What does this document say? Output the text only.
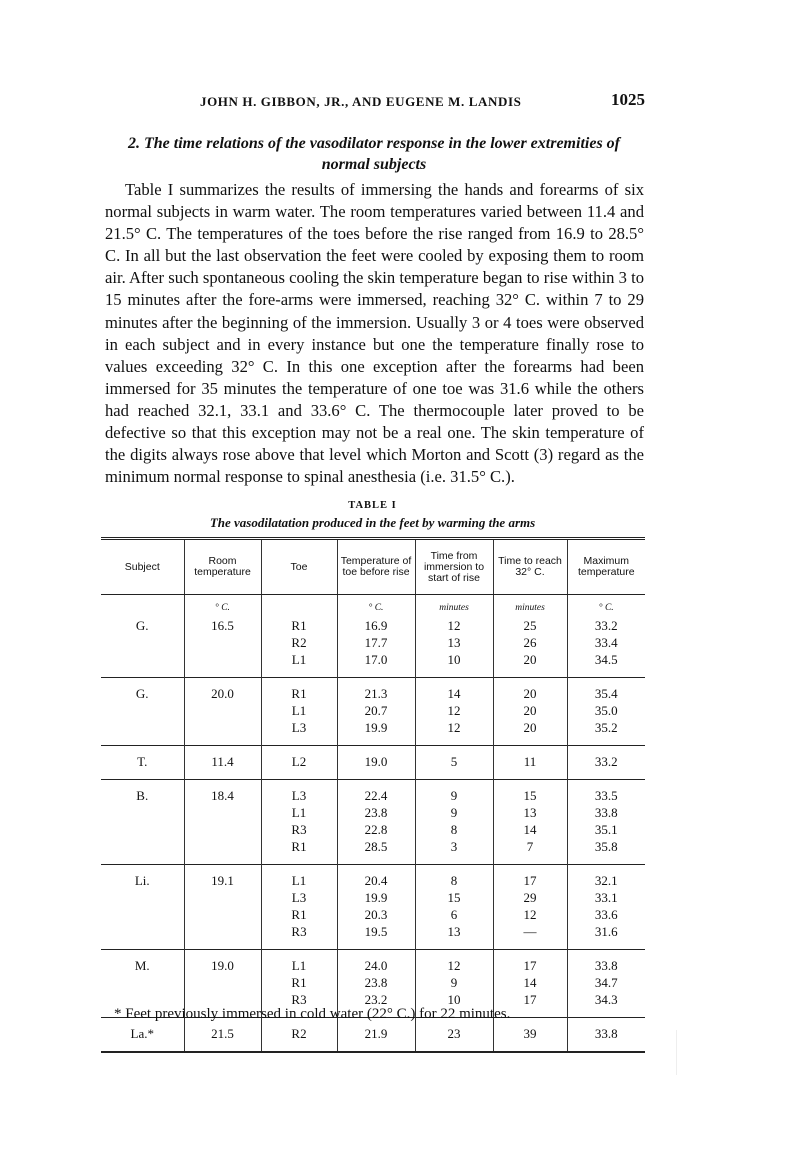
JOHN H. GIBBON, JR., AND EUGENE M. LANDIS	1025
2. The time relations of the vasodilator response in the lower extremities of normal subjects
Table I summarizes the results of immersing the hands and forearms of six normal subjects in warm water. The room temperatures varied between 11.4 and 21.5° C. The temperatures of the toes before the rise ranged from 16.9 to 28.5° C. In all but the last observation the feet were cooled by exposing them to room air. After such spontaneous cooling the skin temperature began to rise within 3 to 15 minutes after the fore-arms were immersed, reaching 32° C. within 7 to 29 minutes after the beginning of the immersion. Usually 3 or 4 toes were observed in each subject and in every instance but one the temperature finally rose to values exceeding 32° C. In this one exception after the forearms had been immersed for 35 minutes the temperature of one toe was 31.6 while the others had reached 32.1, 33.1 and 33.6° C. The thermocouple later proved to be defective so that this exception may not be a real one. The skin temperature of the digits always rose above that level which Morton and Scott (3) regard as the minimum normal response to spinal anesthesia (i.e. 31.5° C.).
TABLE I
The vasodilatation produced in the feet by warming the arms
Subject	Room temperature	Toe	Temperature of toe before rise	Time from immersion to start of rise	Time to reach 32° C.	Maximum temperature
	° C.		° C.	minutes	minutes	° C.
G.	16.5	R1	16.9	12	25	33.2
		R2	17.7	13	26	33.4
		L1	17.0	10	20	34.5
G.	20.0	R1	21.3	14	20	35.4
		L1	20.7	12	20	35.0
		L3	19.9	12	20	35.2
T.	11.4	L2	19.0	5	11	33.2
B.	18.4	L3	22.4	9	15	33.5
		L1	23.8	9	13	33.8
		R3	22.8	8	14	35.1
		R1	28.5	3	7	35.8
Li.	19.1	L1	20.4	8	17	32.1
		L3	19.9	15	29	33.1
		R1	20.3	6	12	33.6
		R3	19.5	13	—	31.6
M.	19.0	L1	24.0	12	17	33.8
		R1	23.8	9	14	34.7
		R3	23.2	10	17	34.3
La.*	21.5	R2	21.9	23	39	33.8
* Feet previously immersed in cold water (22° C.) for 22 minutes.
